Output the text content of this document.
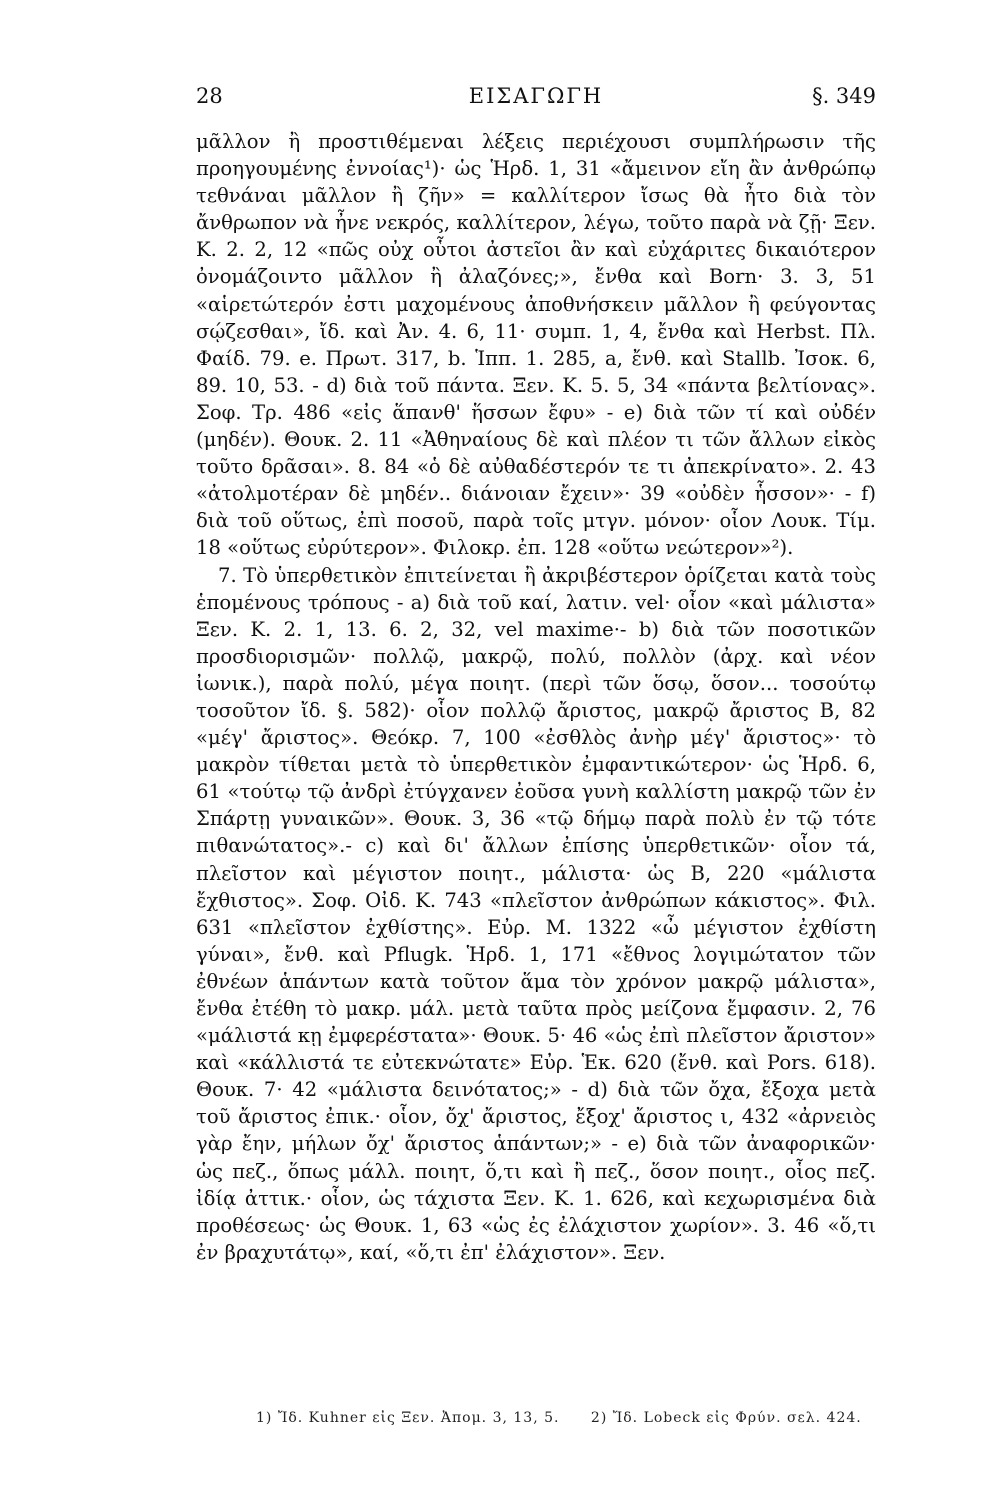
28	ΕΙΣΑΓΩΓΗ	§. 349

μᾶλλον ἢ προστιθέμεναι λέξεις περιέχουσι συμπλήρωσιν τῆς προηγουμένης ἐννοίας¹)· ὡς Ἡρδ. 1, 31 «ἄμεινον εἴη ἂν ἀνθρώπῳ τεθνάναι μᾶλλον ἢ ζῆν» = καλλίτερον ἴσως θὰ ἦτο διὰ τὸν ἄνθρωπον νὰ ἦνε νεκρός, καλλίτερον, λέγω, τοῦτο παρὰ νὰ ζῇ· Ξεν. Κ. 2. 2, 12 «πῶς οὐχ οὗτοι ἀστεῖοι ἂν καὶ εὐχάριτες δικαιότερον ὀνομάζοιντο μᾶλλον ἢ ἀλαζόνες;», ἔνθα καὶ Born· 3. 3, 51 «αἱρετώτερόν ἐστι μαχομένους ἀποθνήσκειν μᾶλλον ἢ φεύγοντας σῴζεσθαι», ἴδ. καὶ Ἀν. 4. 6, 11· συμπ. 1, 4, ἔνθα καὶ Herbst. Πλ. Φαίδ. 79. e. Πρωτ. 317, b. Ἱππ. 1. 285, a, ἔνθ. καὶ Stallb. Ἰσοκ. 6, 89. 10, 53. - d) διὰ τοῦ πάντα. Ξεν. Κ. 5. 5, 34 «πάντα βελτίονας». Σοφ. Τρ. 486 «εἰς ἅπανθ' ἥσσων ἔφυ» - e) διὰ τῶν τί καὶ οὐδέν (μηδέν). Θουκ. 2. 11 «Ἀθηναίους δὲ καὶ πλέον τι τῶν ἄλλων εἰκὸς τοῦτο δρᾶσαι». 8. 84 «ὁ δὲ αὐθαδέστερόν τε τι ἀπεκρίνατο». 2. 43 «ἀτολμοτέραν δὲ μηδέν.. διάνοιαν ἔχειν»· 39 «οὐδὲν ἧσσον»· - f) διὰ τοῦ οὕτως, ἐπὶ ποσοῦ, παρὰ τοῖς μτγν. μόνον· οἷον Λουκ. Τίμ. 18 «οὕτως εὐρύτερον». Φιλοκρ. ἐπ. 128 «οὕτω νεώτερον»²).

7. Τὸ ὑπερθετικὸν ἐπιτείνεται ἢ ἀκριβέστερον ὁρίζεται κατὰ τοὺς ἑπομένους τρόπους - a) διὰ τοῦ καί, λατιν. vel· οἷον «καὶ μάλιστα» Ξεν. Κ. 2. 1, 13. 6. 2, 32, vel maxime·- b) διὰ τῶν ποσοτικῶν προσδιορισμῶν· πολλῷ, μακρῷ, πολύ, πολλὸν (ἀρχ. καὶ νέον ἰωνικ.), παρὰ πολύ, μέγα ποιητ. (περὶ τῶν ὅσῳ, ὅσον... τοσούτῳ τοσοῦτον ἴδ. §. 582)· οἷον πολλῷ ἄριστος, μακρῷ ἄριστος Β, 82 «μέγ' ἄριστος». Θεόκρ. 7, 100 «ἐσθλὸς ἀνὴρ μέγ' ἄριστος»· τὸ μακρὸν τίθεται μετὰ τὸ ὑπερθετικὸν ἐμφαντικώτερον· ὡς Ἡρδ. 6, 61 «τούτῳ τῷ ἀνδρὶ ἐτύγχανεν ἐοῦσα γυνὴ καλλίστη μακρῷ τῶν ἐν Σπάρτῃ γυναικῶν». Θουκ. 3, 36 «τῷ δήμῳ παρὰ πολὺ ἐν τῷ τότε πιθανώτατος».- c) καὶ δι' ἄλλων ἐπίσης ὑπερθετικῶν· οἷον τά, πλεῖστον καὶ μέγιστον ποιητ., μάλιστα· ὡς Β, 220 «μάλιστα ἔχθιστος». Σοφ. Οἰδ. Κ. 743 «πλεῖστον ἀνθρώπων κάκιστος». Φιλ. 631 «πλεῖστον ἐχθίστης». Εὐρ. Μ. 1322 «ὦ μέγιστον ἐχθίστη γύναι», ἔνθ. καὶ Pflugk. Ἡρδ. 1, 171 «ἔθνος λογιμώτατον τῶν ἐθνέων ἁπάντων κατὰ τοῦτον ἅμα τὸν χρόνον μακρῷ μάλιστα», ἔνθα ἐτέθη τὸ μακρ. μάλ. μετὰ ταῦτα πρὸς μείζονα ἔμφασιν. 2, 76 «μάλιστά κῃ ἐμφερέστατα»· Θουκ. 5· 46 «ὡς ἐπὶ πλεῖστον ἄριστον» καὶ «κάλλιστά τε εὐτεκνώτατε» Εὐρ. Ἑκ. 620 (ἔνθ. καὶ Pors. 618). Θουκ. 7· 42 «μάλιστα δεινότατος;» - d) διὰ τῶν ὄχα, ἔξοχα μετὰ τοῦ ἄριστος ἐπικ.· οἷον, ὄχ' ἄριστος, ἔξοχ' ἄριστος ι, 432 «ἀρνειὸς γὰρ ἔην, μήλων ὄχ' ἄριστος ἁπάντων;» - e) διὰ τῶν ἀναφορικῶν· ὡς πεζ., ὅπως μάλλ. ποιητ, ὅ,τι καὶ ἢ πεζ., ὅσον ποιητ., οἷος πεζ. ἰδίᾳ ἀττικ.· οἷον, ὡς τάχιστα Ξεν. Κ. 1. 626, καὶ κεχωρισμένα διὰ προθέσεως· ὡς Θουκ. 1, 63 «ὡς ἐς ἐλάχιστον χωρίον». 3. 46 «ὅ,τι ἐν βραχυτάτῳ», καί, «ὅ,τι ἐπ' ἐλάχιστον». Ξεν.

1) Ἴδ. Kuhner εἰς Ξεν. Ἀπομ. 3, 13, 5. 2) Ἴδ. Lobeck εἰς Φρύν. σελ. 424.
